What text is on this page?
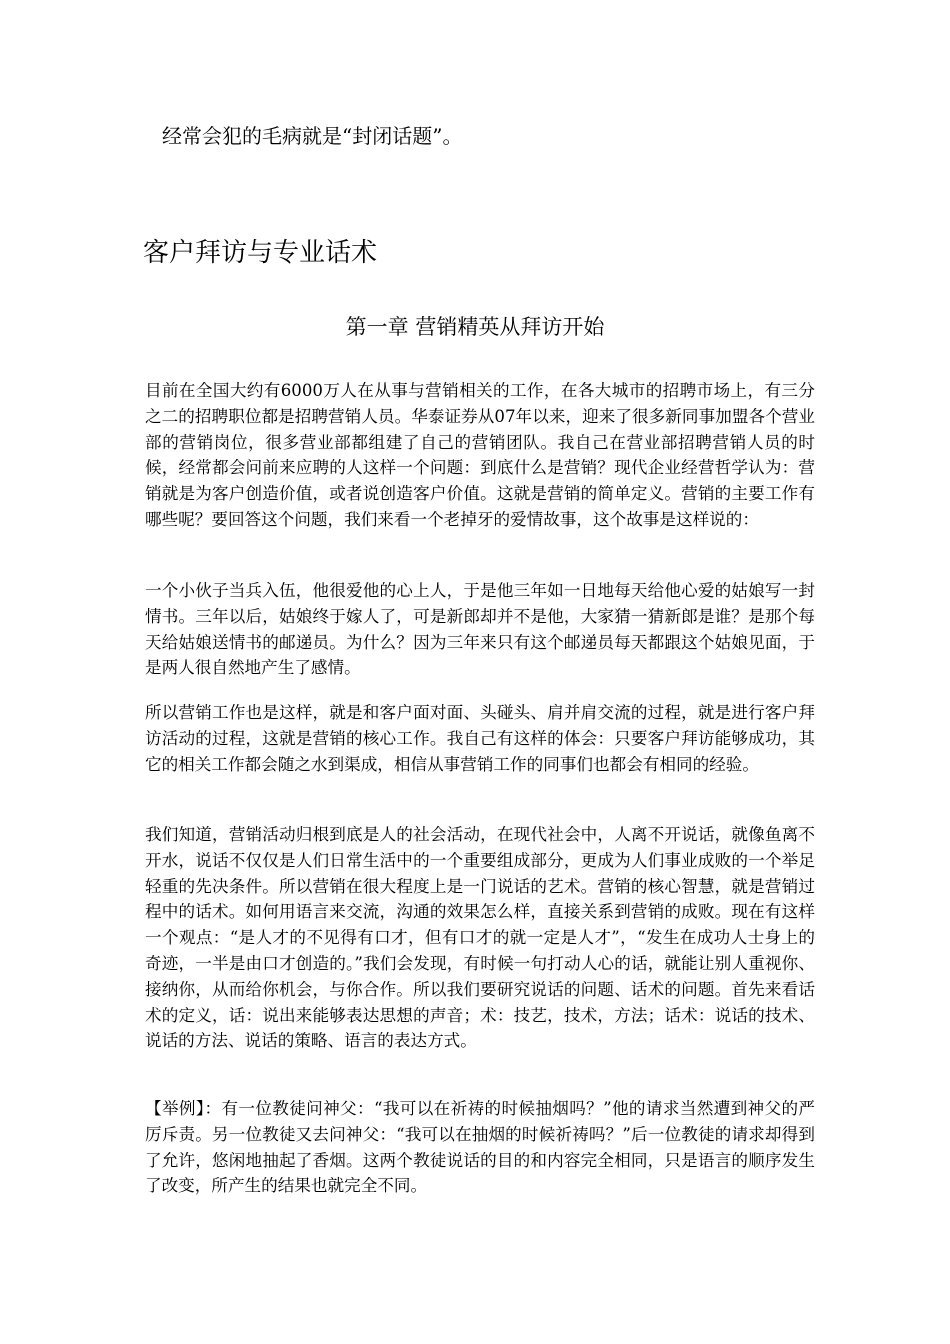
经常会犯的毛病就是“封闭话题”。
客户拜访与专业话术
第一章 营销精英从拜访开始

目前在全国大约有6000万人在从事与营销相关的工作，在各大城市的招聘市场上，有三分之二的招聘职位都是招聘营销人员。华泰证券从07年以来，迎来了很多新同事加盟各个营业部的营销岗位，很多营业部都组建了自己的营销团队。我自己在营业部招聘营销人员的时候，经常都会问前来应聘的人这样一个问题：到底什么是营销？现代企业经营哲学认为：营销就是为客户创造价值，或者说创造客户价值。这就是营销的简单定义。营销的主要工作有哪些呢？要回答这个问题，我们来看一个老掉牙的爱情故事，这个故事是这样说的：

一个小伙子当兵入伍，他很爱他的心上人，于是他三年如一日地每天给他心爱的姑娘写一封情书。三年以后，姑娘终于嫁人了，可是新郎却并不是他，大家猜一猜新郎是谁？是那个每天给姑娘送情书的邮递员。为什么？因为三年来只有这个邮递员每天都跟这个姑娘见面，于是两人很自然地产生了感情。

所以营销工作也是这样，就是和客户面对面、头碰头、肩并肩交流的过程，就是进行客户拜访活动的过程，这就是营销的核心工作。我自己有这样的体会：只要客户拜访能够成功，其它的相关工作都会随之水到渠成，相信从事营销工作的同事们也都会有相同的经验。

我们知道，营销活动归根到底是人的社会活动，在现代社会中，人离不开说话，就像鱼离不开水，说话不仅仅是人们日常生活中的一个重要组成部分，更成为人们事业成败的一个举足轻重的先决条件。所以营销在很大程度上是一门说话的艺术。营销的核心智慧，就是营销过程中的话术。如何用语言来交流，沟通的效果怎么样，直接关系到营销的成败。现在有这样一个观点：“是人才的不见得有口才，但有口才的就一定是人才”，“发生在成功人士身上的奇迹，一半是由口才创造的。”我们会发现，有时候一句打动人心的话，就能让别人重视你、接纳你，从而给你机会，与你合作。所以我们要研究说话的问题、话术的问题。首先来看话术的定义，话：说出来能够表达思想的声音；术：技艺，技术，方法；话术：说话的技术、说话的方法、说话的策略、语言的表达方式。

【举例】：有一位教徒问神父：“我可以在祈祷的时候抽烟吗？”他的请求当然遭到神父的严厉斥责。另一位教徒又去问神父：“我可以在抽烟的时候祈祷吗？”后一位教徒的请求却得到了允许，悠闲地抽起了香烟。这两个教徒说话的目的和内容完全相同，只是语言的顺序发生了改变，所产生的结果也就完全不同。
